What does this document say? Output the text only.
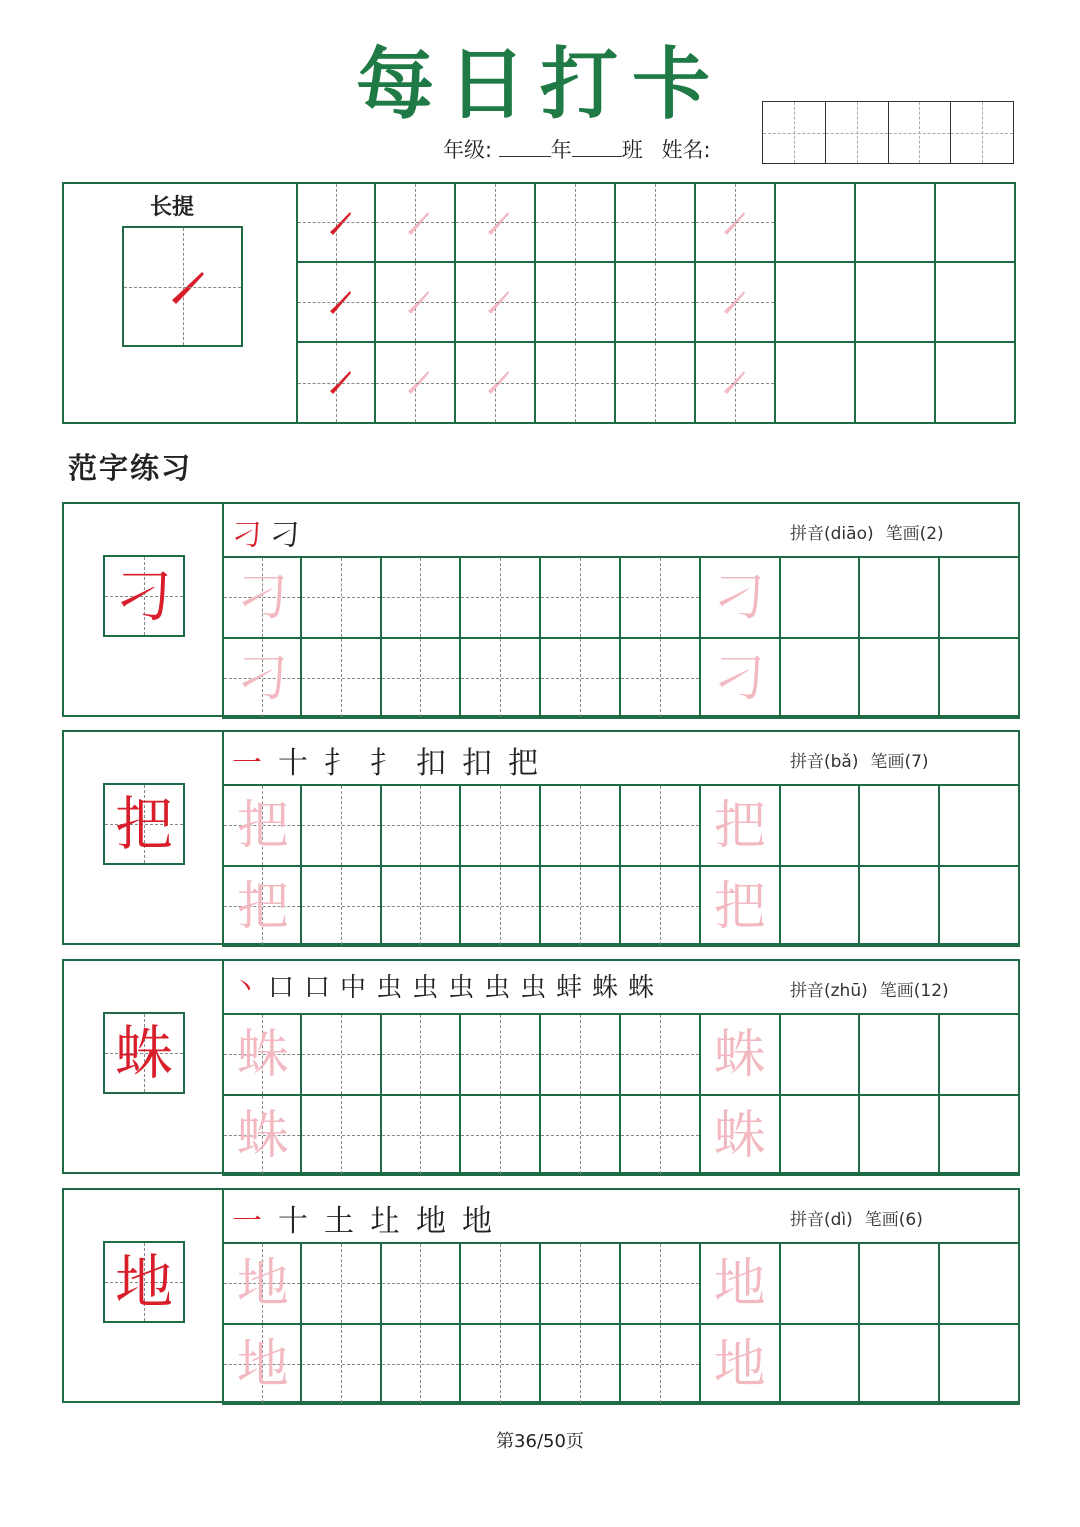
每日打卡
年级:	年 班 姓名:
长提
范字练习
刁
刁 刁	拼音(diāo) 笔画(2)
刁	刁
刁	刁
把
一 十 扌 扌 扣 扣 把	拼音(bǎ) 笔画(7)
把	把
把	把
蛛
丶 口 口 中 虫 虫 虫 虫 虫 蚌 蛛 蛛	拼音(zhū) 笔画(12)
蛛	蛛
蛛	蛛
地
一 十 土 圵 地 地	拼音(dì) 笔画(6)
地	地
地	地
第36/50页
